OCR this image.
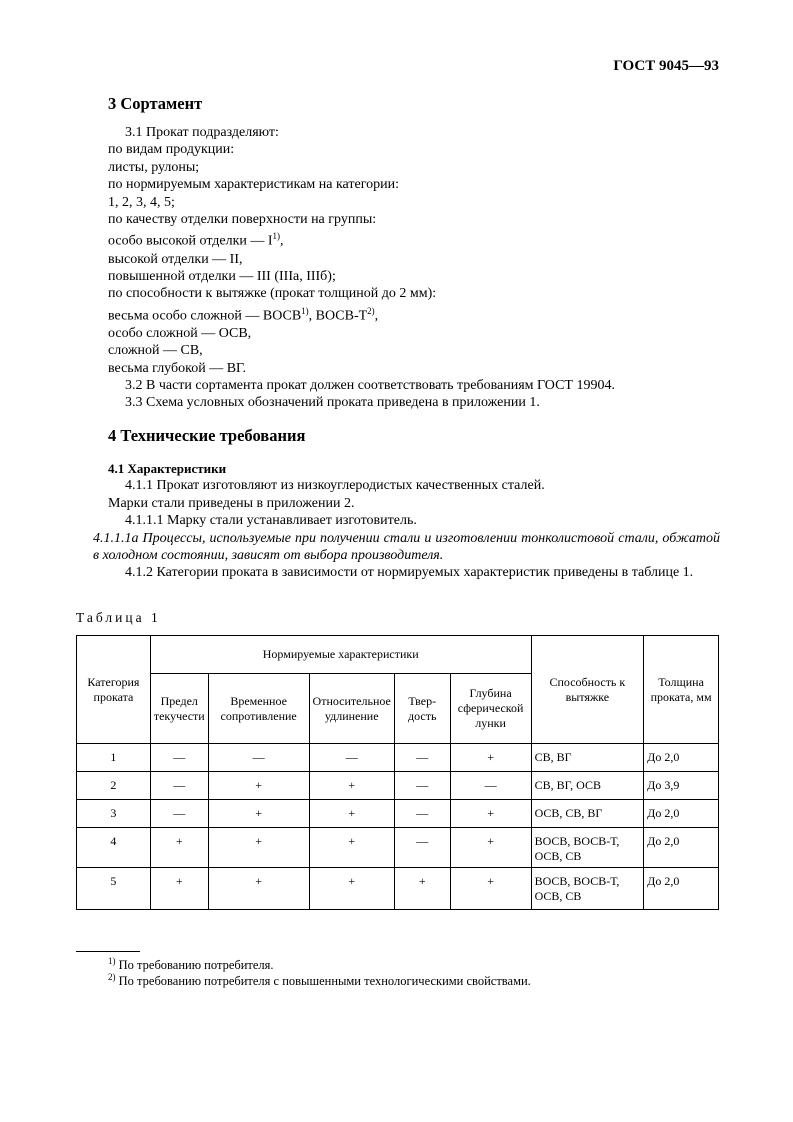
ГОСТ 9045—93
3 Сортамент
3.1 Прокат подразделяют:
по видам продукции:
листы, рулоны;
по нормируемым характеристикам на категории:
1, 2, 3, 4, 5;
по качеству отделки поверхности на группы:
особо высокой отделки — $I^{1)}$,
высокой отделки — II,
повышенной отделки — III (IIIа, IIIб);
по способности к вытяжке (прокат толщиной до 2 мм):
весьма особо сложной — ВОСВ$^{1)}$, ВОСВ-$Т^{2)}$,
особо сложной — ОСВ,
сложной — СВ,
весьма глубокой — ВГ.
3.2 В части сортамента прокат должен соответствовать требованиям ГОСТ 19904.
3.3 Схема условных обозначений проката приведена в приложении 1.
4 Технические требования
4.1 Характеристики
4.1.1 Прокат изготовляют из низкоуглеродистых качественных сталей.
Марки стали приведены в приложении 2.
4.1.1.1 Марку стали устанавливает изготовитель.
4.1.1.1а Процессы, используемые при получении стали и изготовлении тонколистовой стали, обжатой в холодном состоянии, зависят от выбора производителя.
4.1.2 Категории проката в зависимости от нормируемых характеристик приведены в таблице 1.
Таблица 1
Категория проката	Нормируемые характеристики					Способность к вытяжке	Толщина проката, мм
	Предел текучести	Временное сопротивление	Относительное удлинение	Твер-дость	Глубина сферической лунки		
1	—	—	—	—	+	СВ, ВГ	До 2,0
2	—	+	+	—	—	СВ, ВГ, ОСВ	До 3,9
3	—	+	+	—	+	ОСВ, СВ, ВГ	До 2,0
4	+	+	+	—	+	ВОСВ, ВОСВ-Т, ОСВ, СВ	До 2,0
5	+	+	+	+	+	ВОСВ, ВОСВ-Т, ОСВ, СВ	До 2,0
$^{1)}$ По требованию потребителя.
$^{2)}$ По требованию потребителя с повышенными технологическими свойствами.
